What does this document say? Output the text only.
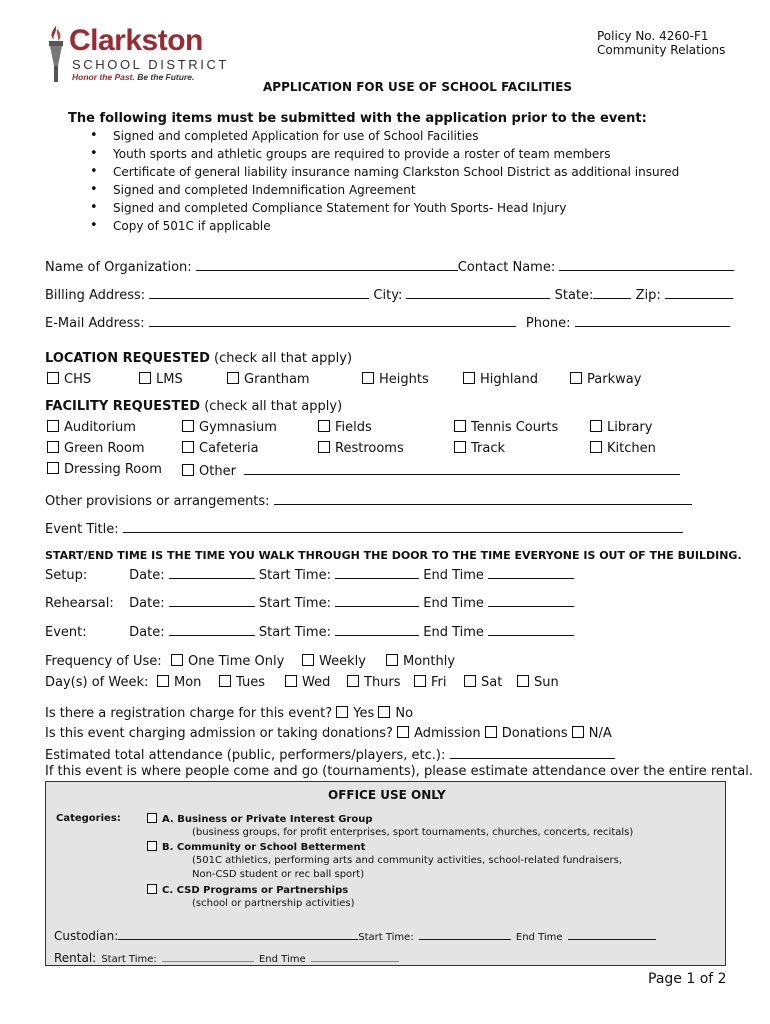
Clarkston
SCHOOL DISTRICT
Honor the Past. Be the Future.
Policy No. 4260-F1
Community Relations
APPLICATION FOR USE OF SCHOOL FACILITIES
The following items must be submitted with the application prior to the event:
• Signed and completed Application for use of School Facilities
• Youth sports and athletic groups are required to provide a roster of team members
• Certificate of general liability insurance naming Clarkston School District as additional insured
• Signed and completed Indemnification Agreement
• Signed and completed Compliance Statement for Youth Sports- Head Injury
• Copy of 501C if applicable
Name of Organization:	Contact Name:
Billing Address:	City:	State:	Zip:
E-Mail Address:	Phone:
LOCATION REQUESTED (check all that apply)
CHS	LMS	Grantham	Heights	Highland	Parkway
FACILITY REQUESTED (check all that apply)
Auditorium	Gymnasium	Fields	Tennis Courts	Library
Green Room	Cafeteria	Restrooms	Track	Kitchen
Dressing Room	Other
Other provisions or arrangements:
Event Title:
START/END TIME IS THE TIME YOU WALK THROUGH THE DOOR TO THE TIME EVERYONE IS OUT OF THE BUILDING.
Setup:	Date:	Start Time:	End Time
Rehearsal: Date:	Start Time:	End Time
Event:	Date:	Start Time:	End Time
Frequency of Use:	One Time Only	Weekly	Monthly
Day(s) of Week:	Mon	Tues	Wed	Thurs	Fri	Sat	Sun
Is there a registration charge for this event? Yes No
Is this event charging admission or taking donations? Admission Donations N/A
Estimated total attendance (public, performers/players, etc.):
If this event is where people come and go (tournaments), please estimate attendance over the entire rental.
OFFICE USE ONLY
Categories:	A. Business or Private Interest Group
(business groups, for profit enterprises, sport tournaments, churches, concerts, recitals)
B. Community or School Betterment
(501C athletics, performing arts and community activities, school-related fundraisers,
Non-CSD student or rec ball sport)
C. CSD Programs or Partnerships
(school or partnership activities)
Custodian:	Start Time:	End Time
Rental: Start Time:	End Time
Page 1 of 2
